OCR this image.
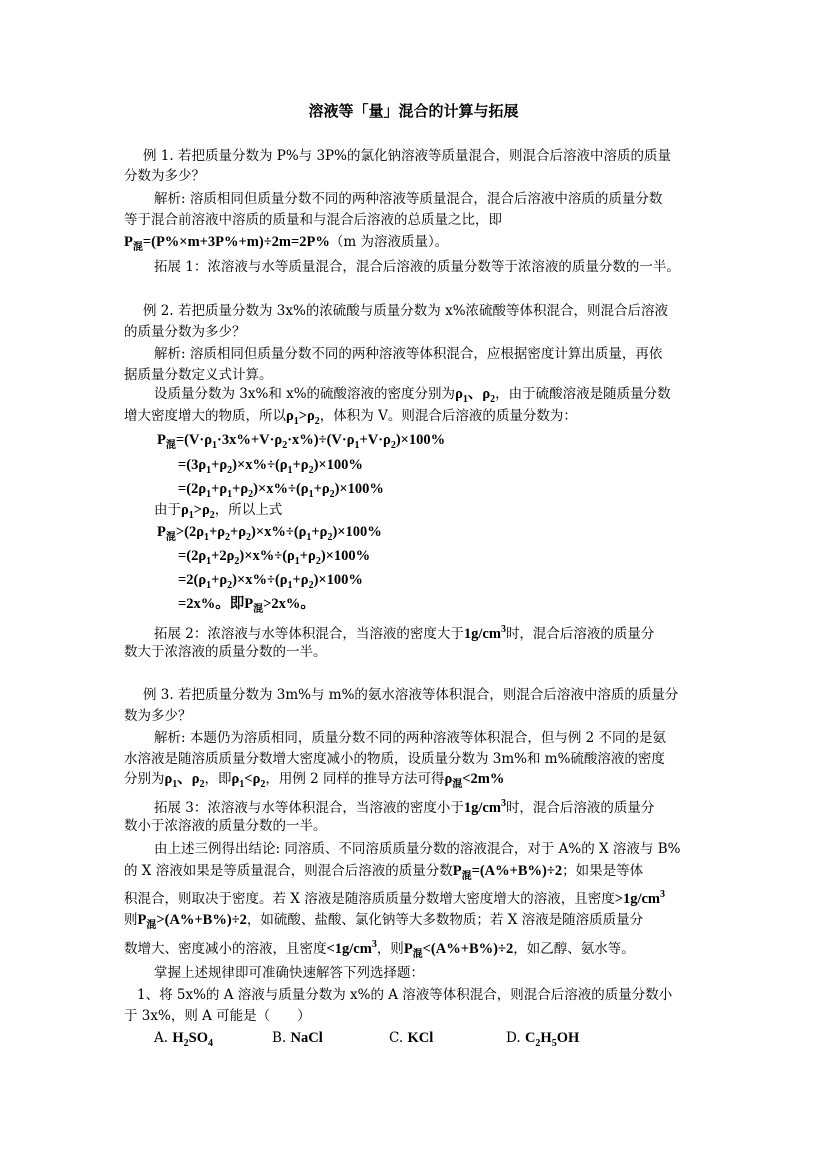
溶液等「量」混合的计算与拓展
例 1. 若把质量分数为 P%与 3P%的氯化钠溶液等质量混合，则混合后溶液中溶质的质量
分数为多少？
解析: 溶质相同但质量分数不同的两种溶液等质量混合，混合后溶液中溶质的质量分数
等于混合前溶液中溶质的质量和与混合后溶液的总质量之比，即
$P_混=(P\%\times m+3P\%+m)\div 2m=2P\%(m$ 为溶液质量）。
拓展 1：浓溶液与水等质量混合，混合后溶液的质量分数等于浓溶液的质量分数的一半。
例 2. 若把质量分数为 3x%的浓硫酸与质量分数为 x%浓硫酸等体积混合，则混合后溶液
的质量分数为多少？
解析: 溶质相同但质量分数不同的两种溶液等体积混合，应根据密度计算出质量，再依
据质量分数定义式计算。
设质量分数为 3x%和 x%的硫酸溶液的密度分别为$\rho_1$、$\rho_2$，由于硫酸溶液是随质量分数
增大密度增大的物质，所以$\rho_1>\rho_2$，体积为 V。则混合后溶液的质量分数为：
$P_混=(V\cdot\rho_1\cdot 3x\%+V\cdot\rho_2\cdot x\%)\div(V\cdot\rho_1+V\cdot\rho_2)\times 100\%$
$=(3\rho_1+\rho_2)\times x\%\div(\rho_1+\rho_2)\times 100\%$
$=(2\rho_1+\rho_1+\rho_2)\times x\%\div(\rho_1+\rho_2)\times 100\%$
由于$\rho_1>\rho_2$，所以上式
$P_混>(2\rho_1+\rho_2+\rho_2)\times x\%\div(\rho_1+\rho_2)\times 100\%$
$=(2\rho_1+2\rho_2)\times x\%\div(\rho_1+\rho_2)\times 100\%$
$=2(\rho_1+\rho_2)\times x\%\div(\rho_1+\rho_2)\times 100\%$
=2x%。即$P_混>2x\%$。
拓展 2：浓溶液与水等体积混合，当溶液的密度大于$1g/cm^3$时，混合后溶液的质量分
数大于浓溶液的质量分数的一半。
例 3. 若把质量分数为 3m%与 m%的氨水溶液等体积混合，则混合后溶液中溶质的质量分
数为多少？
解析: 本题仍为溶质相同，质量分数不同的两种溶液等体积混合，但与例 2 不同的是氨
水溶液是随溶质质量分数增大密度减小的物质，设质量分数为 3m%和 m%硫酸溶液的密度
分别为$\rho_1$、$\rho_2$，即$\rho_1<\rho_2$，用例 2 同样的推导方法可得$\rho_混<2m\%$
拓展 3：浓溶液与水等体积混合，当溶液的密度小于$1g/cm^3$时，混合后溶液的质量分
数小于浓溶液的质量分数的一半。
由上述三例得出结论: 同溶质、不同溶质质量分数的溶液混合，对于 A%的 X 溶液与 B%
的 X 溶液如果是等质量混合，则混合后溶液的质量分数$P_混=(A\%+B\%)\div 2$；如果是等体
积混合，则取决于密度。若 X 溶液是随溶质质量分数增大密度增大的溶液，且密度$>1g/cm^3$
则$P_混>(A\%+B\%)\div 2$，如硫酸、盐酸、氯化钠等大多数物质；若 X 溶液是随溶质质量分
数增大、密度减小的溶液，且密度$<1g/cm^3$，则$P_混<(A\%+B\%)\div 2$，如乙醇、氨水等。
掌握上述规律即可准确快速解答下列选择题：
1、将 5x%的 A 溶液与质量分数为 x%的 A 溶液等体积混合，则混合后溶液的质量分数小
于 3x%，则 A 可能是（　　）
A. $H_2SO_4$	B. NaCl	C. KCl	D. $C_2H_5OH$
